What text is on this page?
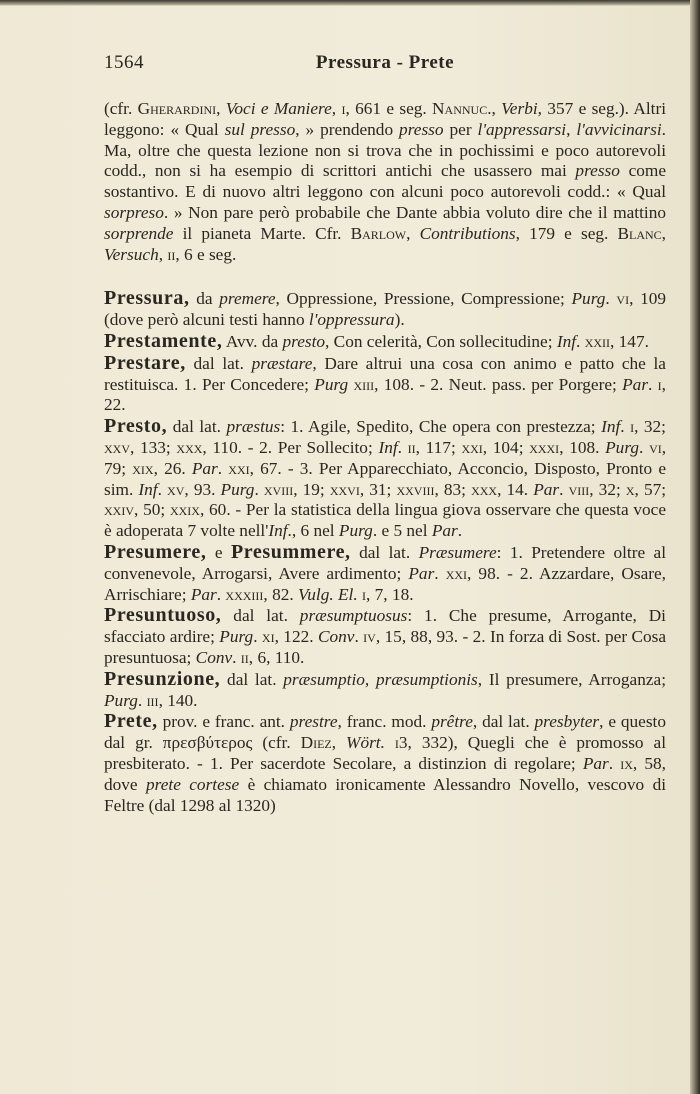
1564	Pressura - Prete

(cfr. Gherardini, Voci e Maniere, i, 661 e seg. Nannuc., Verbi, 357 e seg.). Altri leggono: « Qual sul presso, » prendendo presso per l'appressarsi, l'avvicinarsi. Ma, oltre che questa lezione non si trova che in pochissimi e poco autorevoli codd., non si ha esempio di scrittori antichi che usassero mai presso come sostantivo. E di nuovo altri leggono con alcuni poco autorevoli codd.: « Qual sorpreso. » Non pare però probabile che Dante abbia voluto dire che il mattino sorprende il pianeta Marte. Cfr. Barlow, Contributions, 179 e seg. Blanc, Versuch, ii, 6 e seg.

Pressura, da premere, Oppressione, Pressione, Compressione; Purg. vi, 109 (dove però alcuni testi hanno l'oppressura).

Prestamente, Avv. da presto, Con celerità, Con sollecitudine; Inf. xxii, 147.

Prestare, dal lat. præstare, Dare altrui una cosa con animo e patto che la restituisca. 1. Per Concedere; Purg xiii, 108. - 2. Neut. pass. per Porgere; Par. i, 22.

Presto, dal lat. præstus: 1. Agile, Spedito, Che opera con prestezza; Inf. i, 32; xxv, 133; xxx, 110. - 2. Per Sollecito; Inf. ii, 117; xxi, 104; xxxi, 108. Purg. vi, 79; xix, 26. Par. xxi, 67. - 3. Per Apparecchiato, Acconcio, Disposto, Pronto e sim. Inf. xv, 93. Purg. xviii, 19; xxvi, 31; xxviii, 83; xxx, 14. Par. viii, 32; x, 57; xxiv, 50; xxix, 60. - Per la statistica della lingua giova osservare che questa voce è adoperata 7 volte nell'Inf., 6 nel Purg. e 5 nel Par.

Presumere, e Presummere, dal lat. Præsumere: 1. Pretendere oltre al convenevole, Arrogarsi, Avere ardimento; Par. xxi, 98. - 2. Azzardare, Osare, Arrischiare; Par. xxxiii, 82. Vulg. El. i, 7, 18.

Presuntuoso, dal lat. præsumptuosus: 1. Che presume, Arrogante, Di sfacciato ardire; Purg. xi, 122. Conv. iv, 15, 88, 93. - 2. In forza di Sost. per Cosa presuntuosa; Conv. ii, 6, 110.

Presunzione, dal lat. præsumptio, præsumptionis, Il presumere, Arroganza; Purg. iii, 140.

Prete, prov. e franc. ant. prestre, franc. mod. prêtre, dal lat. presbyter, e questo dal gr. πρεσβύτερος (cfr. Diez, Wört. i3, 332), Quegli che è promosso al presbiterato. - 1. Per sacerdote Secolare, a distinzion di regolare; Par. ix, 58, dove prete cortese è chiamato ironicamente Alessandro Novello, vescovo di Feltre (dal 1298 al 1320)
